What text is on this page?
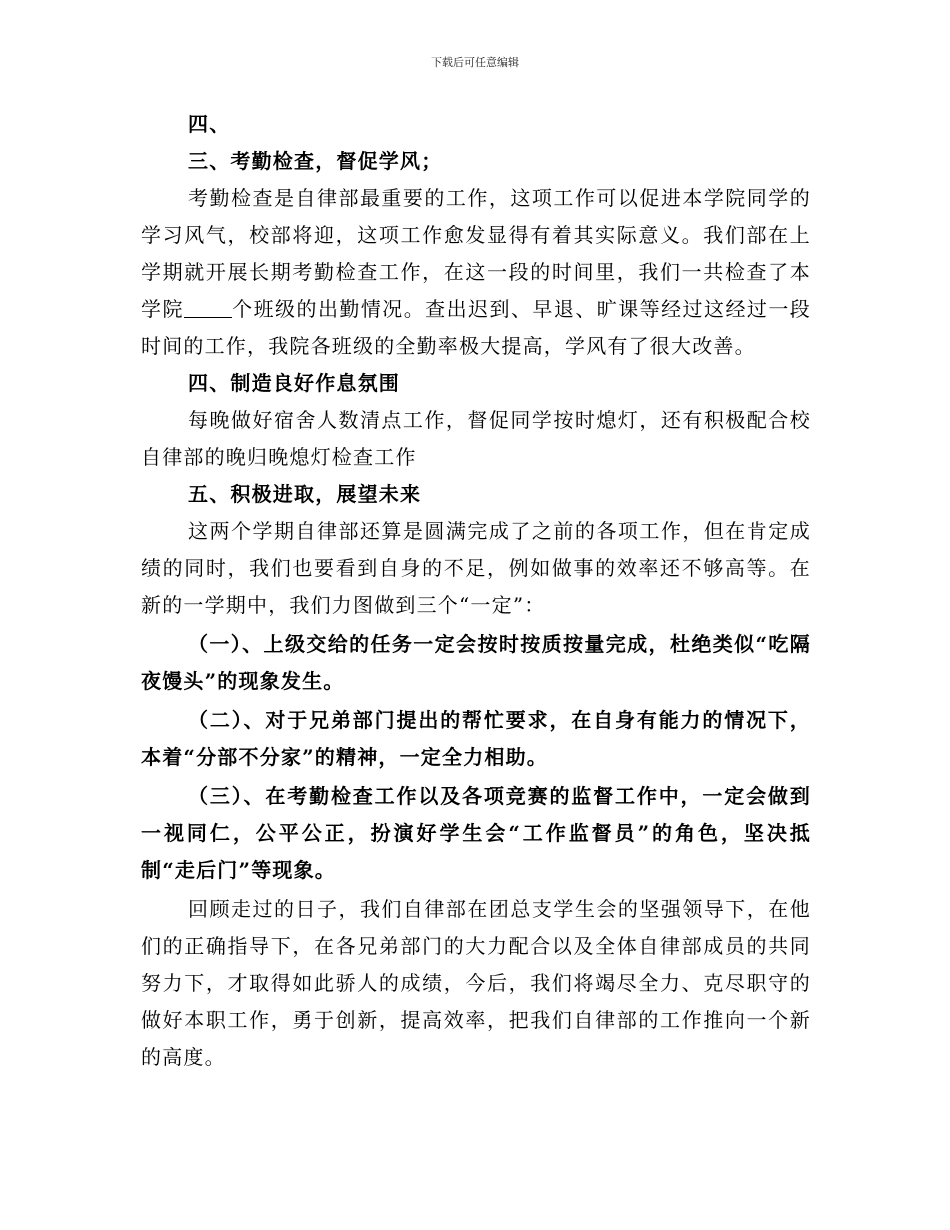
下载后可任意编辑

四、

三、考勤检查，督促学风；

考勤检查是自律部最重要的工作，这项工作可以促进本学院同学的学习风气，校部将迎，这项工作愈发显得有着其实际意义。我们部在上学期就开展长期考勤检查工作，在这一段的时间里，我们一共检查了本学院 个班级的出勤情况。查出迟到、早退、旷课等经过这经过一段时间的工作，我院各班级的全勤率极大提高，学风有了很大改善。

四、制造良好作息氛围

每晚做好宿舍人数清点工作，督促同学按时熄灯，还有积极配合校自律部的晚归晚熄灯检查工作

五、积极进取，展望未来

这两个学期自律部还算是圆满完成了之前的各项工作，但在肯定成绩的同时，我们也要看到自身的不足，例如做事的效率还不够高等。在新的一学期中，我们力图做到三个“一定”：

（一）、上级交给的任务一定会按时按质按量完成，杜绝类似“吃隔夜馒头”的现象发生。

（二）、对于兄弟部门提出的帮忙要求，在自身有能力的情况下，本着“分部不分家”的精神，一定全力相助。

（三）、在考勤检查工作以及各项竞赛的监督工作中，一定会做到一视同仁，公平公正，扮演好学生会“工作监督员”的角色，坚决抵制“走后门”等现象。

回顾走过的日子，我们自律部在团总支学生会的坚强领导下，在他们的正确指导下，在各兄弟部门的大力配合以及全体自律部成员的共同努力下，才取得如此骄人的成绩，今后，我们将竭尽全力、克尽职守的做好本职工作，勇于创新，提高效率，把我们自律部的工作推向一个新的高度。
